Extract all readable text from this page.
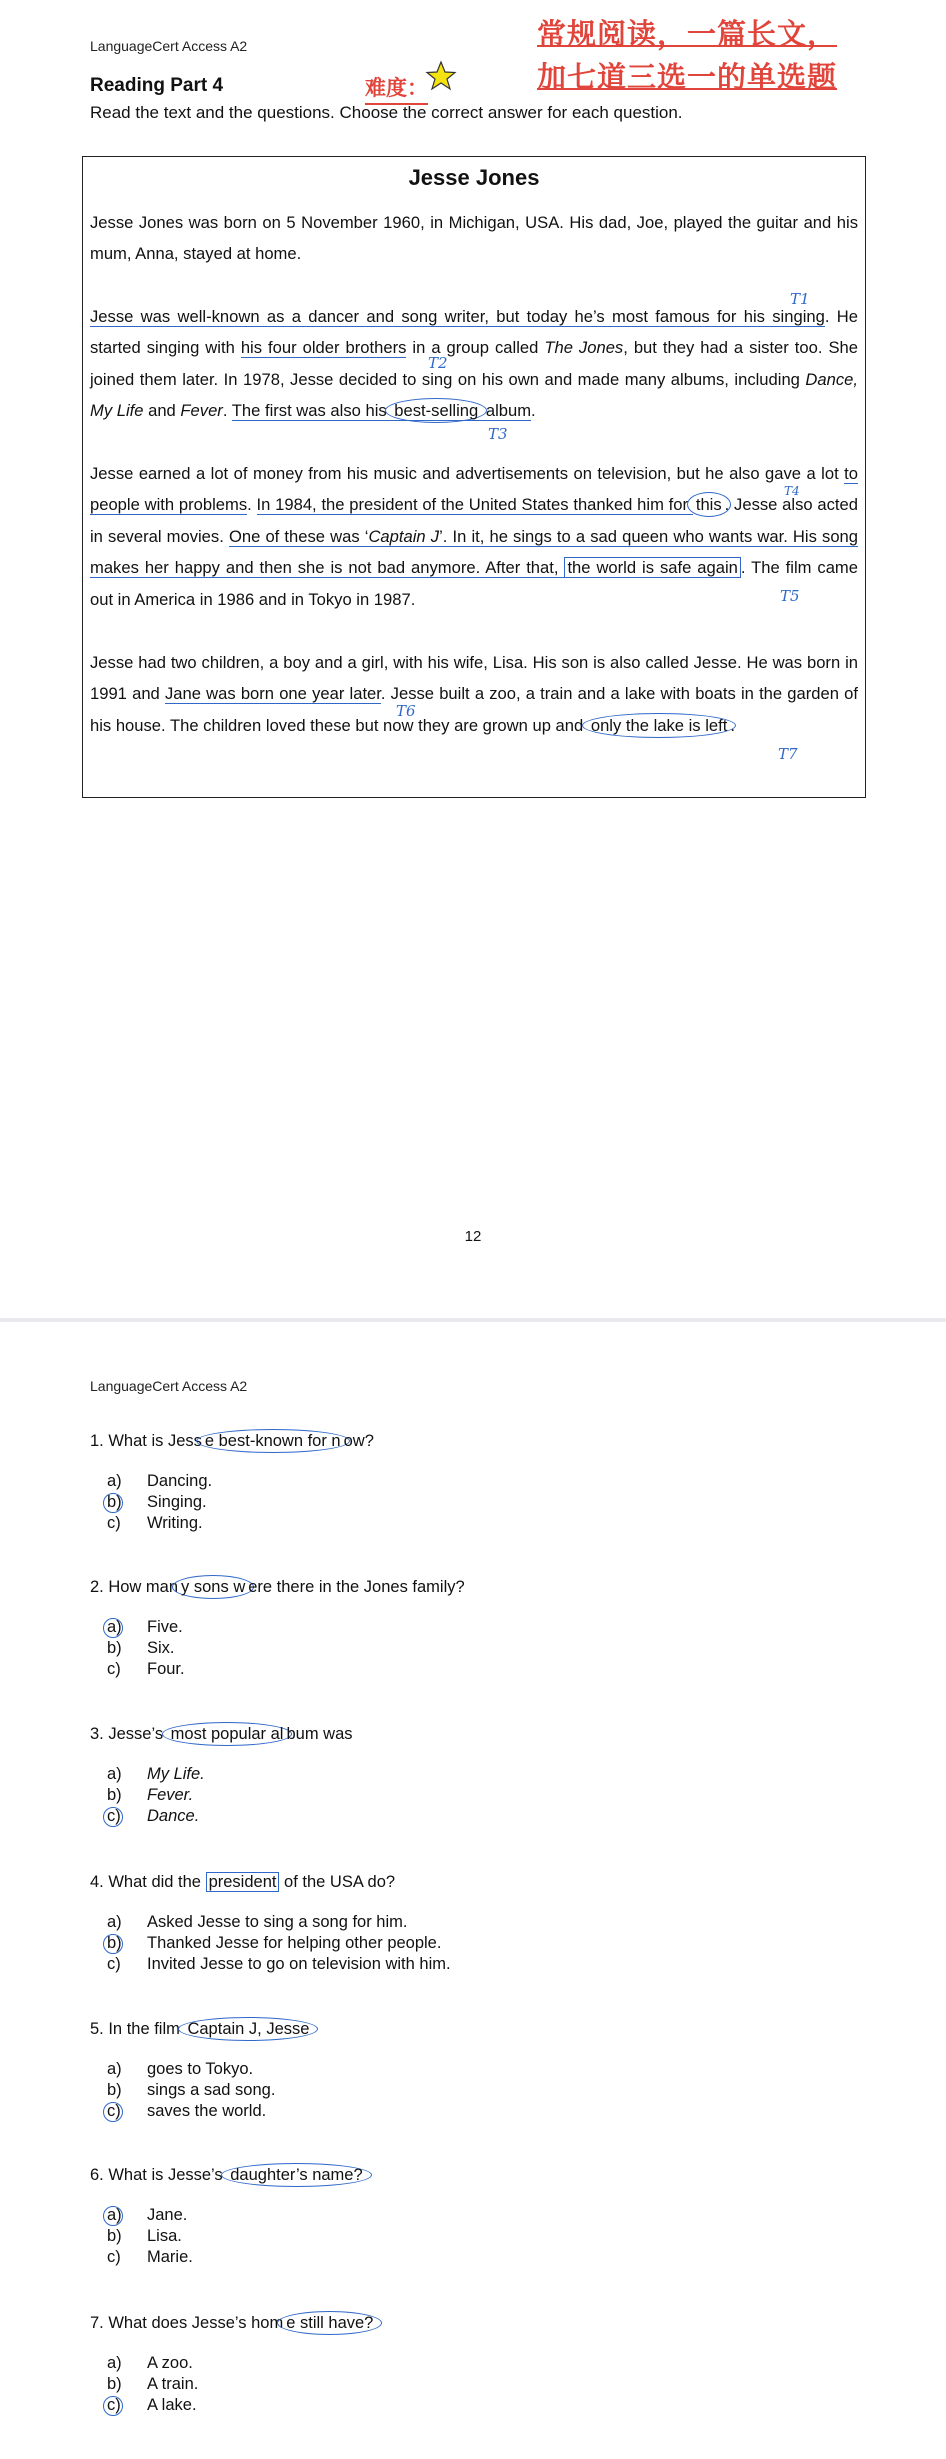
LanguageCert Access A2	常规阅读，一篇长文，
加七道三选一的单选题
Reading Part 4	难度：
Read the text and the questions. Choose the correct answer for each question.
Jesse Jones
Jesse Jones was born on 5 November 1960, in Michigan, USA. His dad, Joe, played the guitar and his mum, Anna, stayed at home.
Jesse was well-known as a dancer and song writer, but today he’s most famous for his singing. He started singing with his four older brothers in a group called The Jones, but they had a sister too. She joined them later. In 1978, Jesse decided to sing on his own and made many albums, including Dance, My Life and Fever. The first was also his best-selling album.
Jesse earned a lot of money from his music and advertisements on television, but he also gave a lot to people with problems. In 1984, the president of the United States thanked him for this . Jesse also acted in several movies. One of these was ‘Captain J’. In it, he sings to a sad queen who wants war. His song makes her happy and then she is not bad anymore. After that, the world is safe again . The film came out in America in 1986 and in Tokyo in 1987.
Jesse had two children, a boy and a girl, with his wife, Lisa. His son is also called Jesse. He was born in 1991 and Jane was born one year later. Jesse built a zoo, a train and a lake with boats in the garden of his house. The children loved these but now they are grown up and only the lake is left .
T1
T2
T3
T4
T5
T6
T7
12
LanguageCert Access A2
1. What is Jess e best-known for n ow?
a) Dancing.
b) Singing.
c) Writing.
2. How man y sons w ere there in the Jones family?
a) Five.
b) Six.
c) Four.
3. Jesse’s most popular al bum was
a) My Life.
b) Fever.
c) Dance.
4. What did the president of the USA do?
a) Asked Jesse to sing a song for him.
b) Thanked Jesse for helping other people.
c) Invited Jesse to go on television with him.
5. In the film Captain J, Jesse
a) goes to Tokyo.
b) sings a sad song.
c) saves the world.
6. What is Jesse’s daughter’s name?
a) Jane.
b) Lisa.
c) Marie.
7. What does Jesse’s hom e still have?
a) A zoo.
b) A train.
c) A lake.
